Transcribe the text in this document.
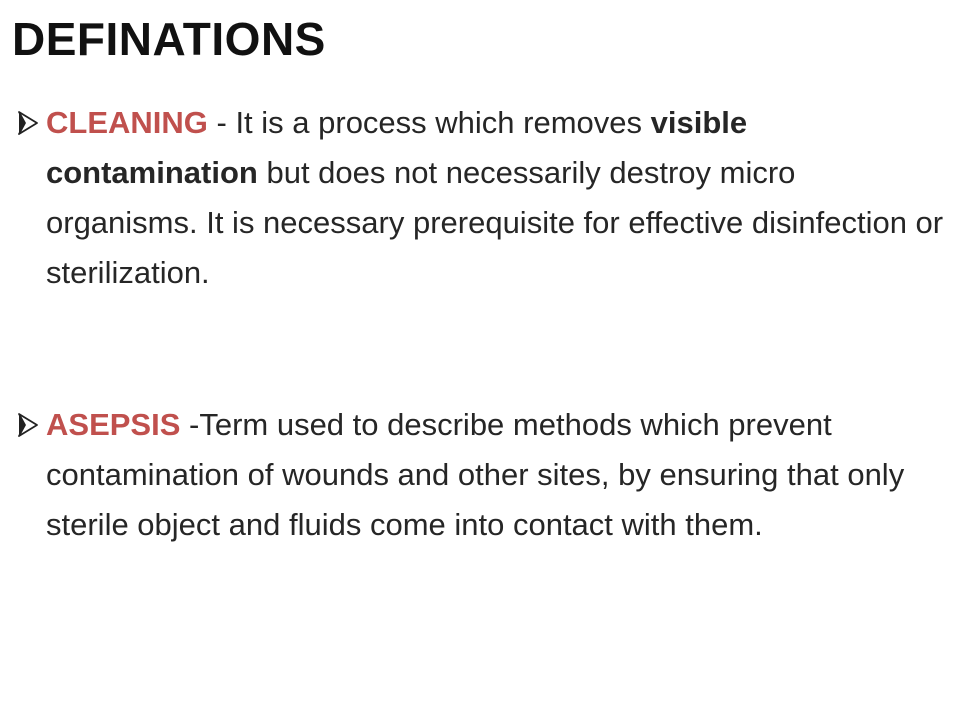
DEFINATIONS
CLEANING - It is a process which removes visible contamination but does not necessarily destroy micro organisms. It is necessary prerequisite for effective disinfection or sterilization.
ASEPSIS -Term used to describe methods which prevent contamination of wounds and other sites, by ensuring that only sterile object and fluids come into contact with them.
